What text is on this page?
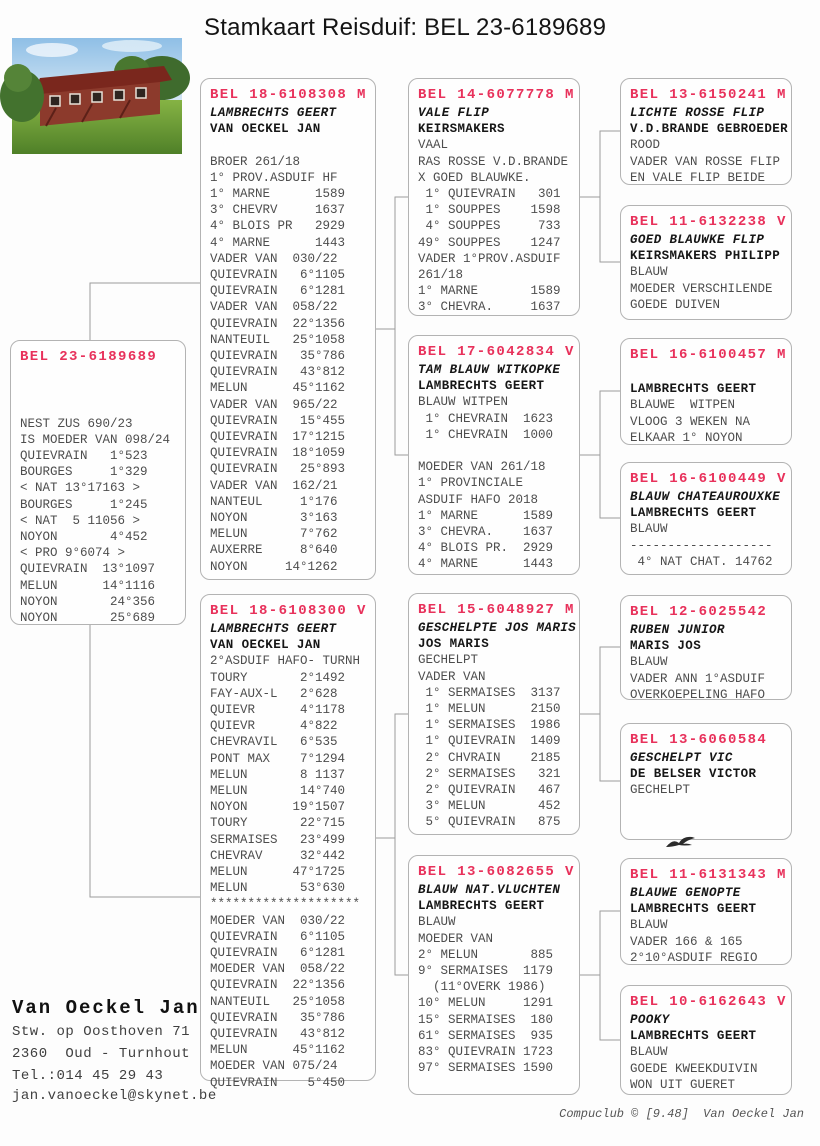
Stamkaart Reisduif: BEL 23-6189689
BEL 23-6189689
NEST ZUS 690/23
IS MOEDER VAN 098/24
QUIEVRAIN   1°523
BOURGES     1°329
< NAT 13°17163 >
BOURGES     1°245
< NAT  5 11056 >
NOYON       4°452
< PRO 9°6074 >
QUIEVRAIN  13°1097
MELUN      14°1116
NOYON       24°356
NOYON       25°689
BEL 18-6108308 M
LAMBRECHTS GEERT
VAN OECKEL JAN
BROER 261/18
1° PROV.ASDUIF HF
1° MARNE      1589
3° CHEVRV     1637
4° BLOIS PR   2929
4° MARNE      1443
VADER VAN  030/22
QUIEVRAIN   6°1105
QUIEVRAIN   6°1281
VADER VAN  058/22
QUIEVRAIN  22°1356
NANTEUIL   25°1058
QUIEVRAIN   35°786
QUIEVRAIN   43°812
MELUN      45°1162
VADER VAN  965/22
QUIEVRAIN   15°455
QUIEVRAIN  17°1215
QUIEVRAIN  18°1059
QUIEVRAIN   25°893
VADER VAN  162/21
NANTEUL     1°176
NOYON       3°163
MELUN       7°762
AUXERRE     8°640
NOYON     14°1262
BEL 18-6108300 V
LAMBRECHTS GEERT
VAN OECKEL JAN
2°ASDUIF HAFO- TURNH
TOURY       2°1492
FAY-AUX-L   2°628
QUIEVR      4°1178
QUIEVR      4°822
CHEVRAVIL   6°535
PONT MAX    7°1294
MELUN       8 1137
MELUN       14°740
NOYON      19°1507
TOURY       22°715
SERMAISES   23°499
CHEVRAV     32°442
MELUN      47°1725
MELUN       53°630
********************
MOEDER VAN  030/22
QUIEVRAIN   6°1105
QUIEVRAIN   6°1281
MOEDER VAN  058/22
QUIEVRAIN  22°1356
NANTEUIL   25°1058
QUIEVRAIN   35°786
QUIEVRAIN   43°812
MELUN      45°1162
MOEDER VAN 075/24
QUIEVRAIN    5°450
BEL 14-6077778 M
VALE FLIP
KEIRSMAKERS
VAAL
RAS ROSSE V.D.BRANDE
X GOED BLAUWKE.
1° QUIEVRAIN   301
1° SOUPPES    1598
4° SOUPPES     733
49° SOUPPES    1247
VADER 1°PROV.ASDUIF
261/18
1° MARNE       1589
3° CHEVRA.     1637
BEL 17-6042834 V
TAM BLAUW WITKOPKE
LAMBRECHTS GEERT
BLAUW WITPEN
1° CHEVRAIN  1623
1° CHEVRAIN  1000
MOEDER VAN 261/18
1° PROVINCIALE
ASDUIF HAFO 2018
1° MARNE      1589
3° CHEVRA.    1637
4° BLOIS PR.  2929
4° MARNE      1443
BEL 15-6048927 M
GESCHELPTE JOS MARIS
JOS MARIS
GECHELPT
VADER VAN
1° SERMAISES  3137
1° MELUN      2150
1° SERMAISES  1986
1° QUIEVRAIN  1409
2° CHVRAIN    2185
2° SERMAISES   321
2° QUIEVRAIN   467
3° MELUN       452
5° QUIEVRAIN   875
BEL 13-6082655 V
BLAUW NAT.VLUCHTEN
LAMBRECHTS GEERT
BLAUW
MOEDER VAN
2° MELUN       885
9° SERMAISES  1179
(11°OVERK 1986)
10° MELUN     1291
15° SERMAISES  180
61° SERMAISES  935
83° QUIEVRAIN 1723
97° SERMAISES 1590
BEL 13-6150241 M
LICHTE ROSSE FLIP
V.D.BRANDE GEBROEDER
ROOD
VADER VAN ROSSE FLIP
EN VALE FLIP BEIDE
BEL 11-6132238 V
GOED BLAUWKE FLIP
KEIRSMAKERS PHILIPP
BLAUW
MOEDER VERSCHILENDE
GOEDE DUIVEN
BEL 16-6100457 M
LAMBRECHTS GEERT
BLAUWE  WITPEN
VLOOG 3 WEKEN NA
ELKAAR 1° NOYON
BEL 16-6100449 V
BLAUW CHATEAUROUXKE
LAMBRECHTS GEERT
BLAUW
-------------------
4° NAT CHAT. 14762
BEL 12-6025542
RUBEN JUNIOR
MARIS JOS
BLAUW
VADER ANN 1°ASDUIF
OVERKOEPELING HAFO
BEL 13-6060584
GESCHELPT VIC
DE BELSER VICTOR
GECHELPT
BEL 11-6131343 M
BLAUWE GENOPTE
LAMBRECHTS GEERT
BLAUW
VADER 166 & 165
2°10°ASDUIF REGIO
BEL 10-6162643 V
POOKY
LAMBRECHTS GEERT
BLAUW
GOEDE KWEEKDUIVIN
WON UIT GUERET
Van Oeckel Jan
Stw. op Oosthoven 71
2360  Oud - Turnhout
Tel.:014 45 29 43
jan.vanoeckel@skynet.be
Compuclub © [9.48]  Van Oeckel Jan
